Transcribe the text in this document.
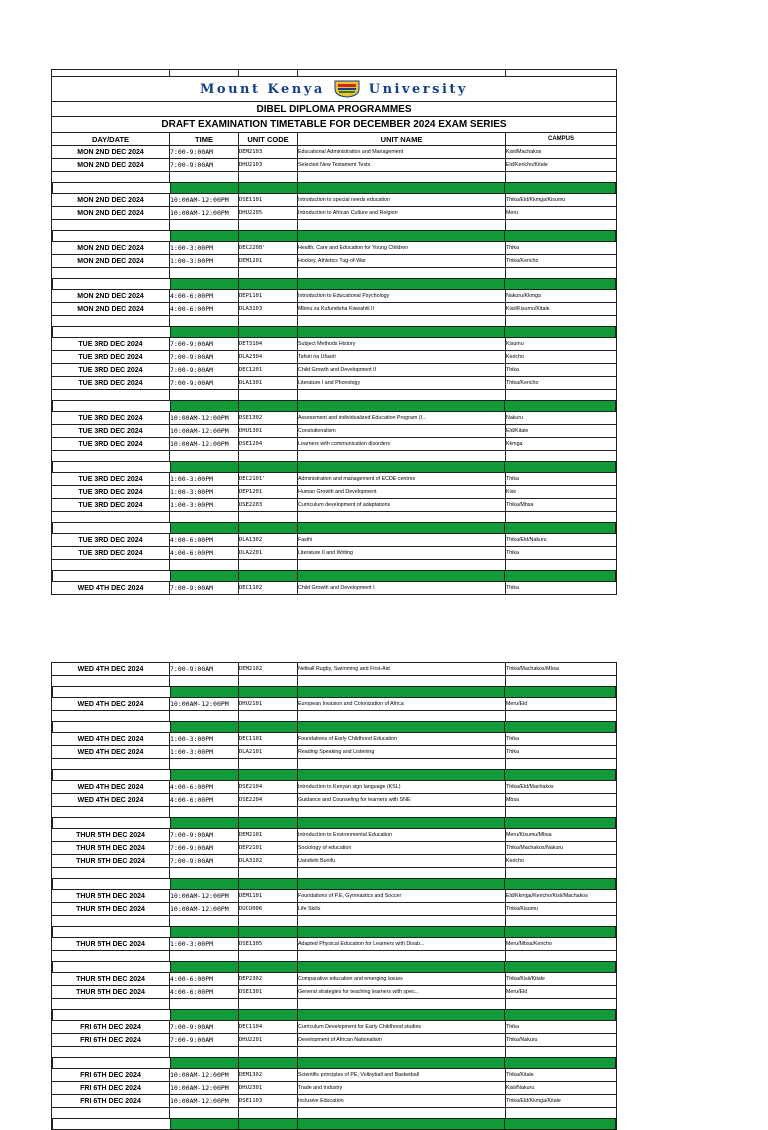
Mount Kenya	University
DIBEL DIPLOMA PROGRAMMES
DRAFT EXAMINATION TIMETABLE FOR DECEMBER 2024 EXAM SERIES
DAY/DATE	TIME	UNIT CODE	UNIT NAME	CAMPUS
MON 2ND DEC 2024	7:00-9:00AM	DEM2103	Educational Administration and Management	Kisii/Machakos
MON 2ND DEC 2024	7:00-9:00AM	DHU2103	Selected New Testament Texts	Eld/Kericho/Kitale
MON 2ND DEC 2024	10:00AM-12:00PM	DSE1101	Introduction to special needs education	Thika/Eld/Kkmga/Kisumu
MON 2ND DEC 2024	10:00AM-12:00PM	DHU2205	Introduction to African Culture and Relgion	Meru
MON 2ND DEC 2024	1:00-3:00PM	DEC2208'	Health, Care and Education for Young Children	Thika
MON 2ND DEC 2024	1:00-3:00PM	DEM1201	Hockey, Athletics Tug-of-War	Thika/Kericho
MON 2ND DEC 2024	4:00-6:00PM	DEP1101	Introduction to Educational Psychology	Nakuru/Kkmga
MON 2ND DEC 2024	4:00-6:00PM	DLA3103	Mbinu za Kufundisha Kiswahili II	Kisii/Kisumu/Kitale
TUE 3RD DEC 2024	7:00-9:00AM	DET3104	Subject Methods History	Kisumu
TUE 3RD DEC 2024	7:00-9:00AM	DLA2304	Tafsiri na Ufasiri	Kericho
TUE 3RD DEC 2024	7:00-9:00AM	DEC1201	Child Growth and Development II	Thika
TUE 3RD DEC 2024	7:00-9:00AM	DLA1301	Literature I and Phonology	Thika/Kericho
TUE 3RD DEC 2024	10:00AM-12:00PM	DSE1302	Assessment and individualized Education Program (I...	Nakuru
TUE 3RD DEC 2024	10:00AM-12:00PM	DHU1301	Constutionalism	Eld/Kitale
TUE 3RD DEC 2024	10:00AM-12:00PM	DSE1204	Learners with communication disorders	Kkmga
TUE 3RD DEC 2024	1:00-3:00PM	DEC2101'	Administration and management of ECDE centres	Thika
TUE 3RD DEC 2024	1:00-3:00PM	DEP1201	Human Growth and Development	Kisii
TUE 3RD DEC 2024	1:00-3:00PM	DSE2203	Curriculum development of adaptations	Thika/Mbsa
TUE 3RD DEC 2024	4:00-6:00PM	DLA1302	Fasihi	Thika/Eld/Nakuru
TUE 3RD DEC 2024	4:00-6:00PM	DLA2201	Literature II and Writing	Thika
WED 4TH DEC 2024	7:00-9:00AM	DEC1102	Child Growth and Development I	Thika
WED 4TH DEC 2024	7:00-9:00AM	DEM2102	Netball Rugby, Swimming and First-Aid	Thika/Machakos/Mbsa
WED 4TH DEC 2024	10:00AM-12:00PM	DHU2101	European Invasion and Colonization of Africa	Meru/Eld
WED 4TH DEC 2024	1:00-3:00PM	DEC1101	Foundations of Early Childhood Education	Thika
WED 4TH DEC 2024	1:00-3:00PM	DLA2101	Reading Speaking and Listening	Thika
WED 4TH DEC 2024	4:00-6:00PM	DSE2104	Introduction to Kenyan sign language (KSL)	Thika/Eld/Machakos
WED 4TH DEC 2024	4:00-6:00PM	DSE2204	Guidance and Counseling for learners with SNE	Mbsa
THUR 5TH DEC 2024	7:00-9:00AM	DEM2101	Introduction to Environmental Education	Meru/Kisumu/Mbsa
THUR 5TH DEC 2024	7:00-9:00AM	DEP2101	Sociology of education	Thika/Machakos/Nakuru
THUR 5TH DEC 2024	7:00-9:00AM	DLA3102	Uandishi Bunifu	Kericho
THUR 5TH DEC 2024	10:00AM-12:00PM	DEM1101	Foundations of P.E, Gymnastics and Soccer	Eld/Kkmga/Kericho/Kisii/Machakos
THUR 5TH DEC 2024	10:00AM-12:00PM	DUCU006	Life Skills	Thika/Kisumu
THUR 5TH DEC 2024	1:00-3:00PM	DSE1305	Adapted Physical Education for Learners with Disab...	Meru/Mbsa/Kericho
THUR 5TH DEC 2024	4:00-6:00PM	DEP2302	Comparative education and emerging issues	Thika/Kisii/Kitale
THUR 5TH DEC 2024	4:00-6:00PM	DSE1301	General strategies for teaching learners with spec...	Meru/Eld
FRI 6TH DEC 2024	7:00-9:00AM	DEC1104	Curriculum Development for Early Childhood studies	Thika
FRI 6TH DEC 2024	7:00-9:00AM	DHU2201	Development of African Nationalism	Thika/Nakuru
FRI 6TH DEC 2024	10:00AM-12:00PM	DEM1302	Scientific principles of PE, Volleyball and Basketball	Thika/Kitale
FRI 6TH DEC 2024	10:00AM-12:00PM	DHU2301	Trade and Industry	Kisii/Nakuru
FRI 6TH DEC 2024	10:00AM-12:00PM	DSE1103	Inclusive Education	Thika/Eld/Kkmga/Kitale
